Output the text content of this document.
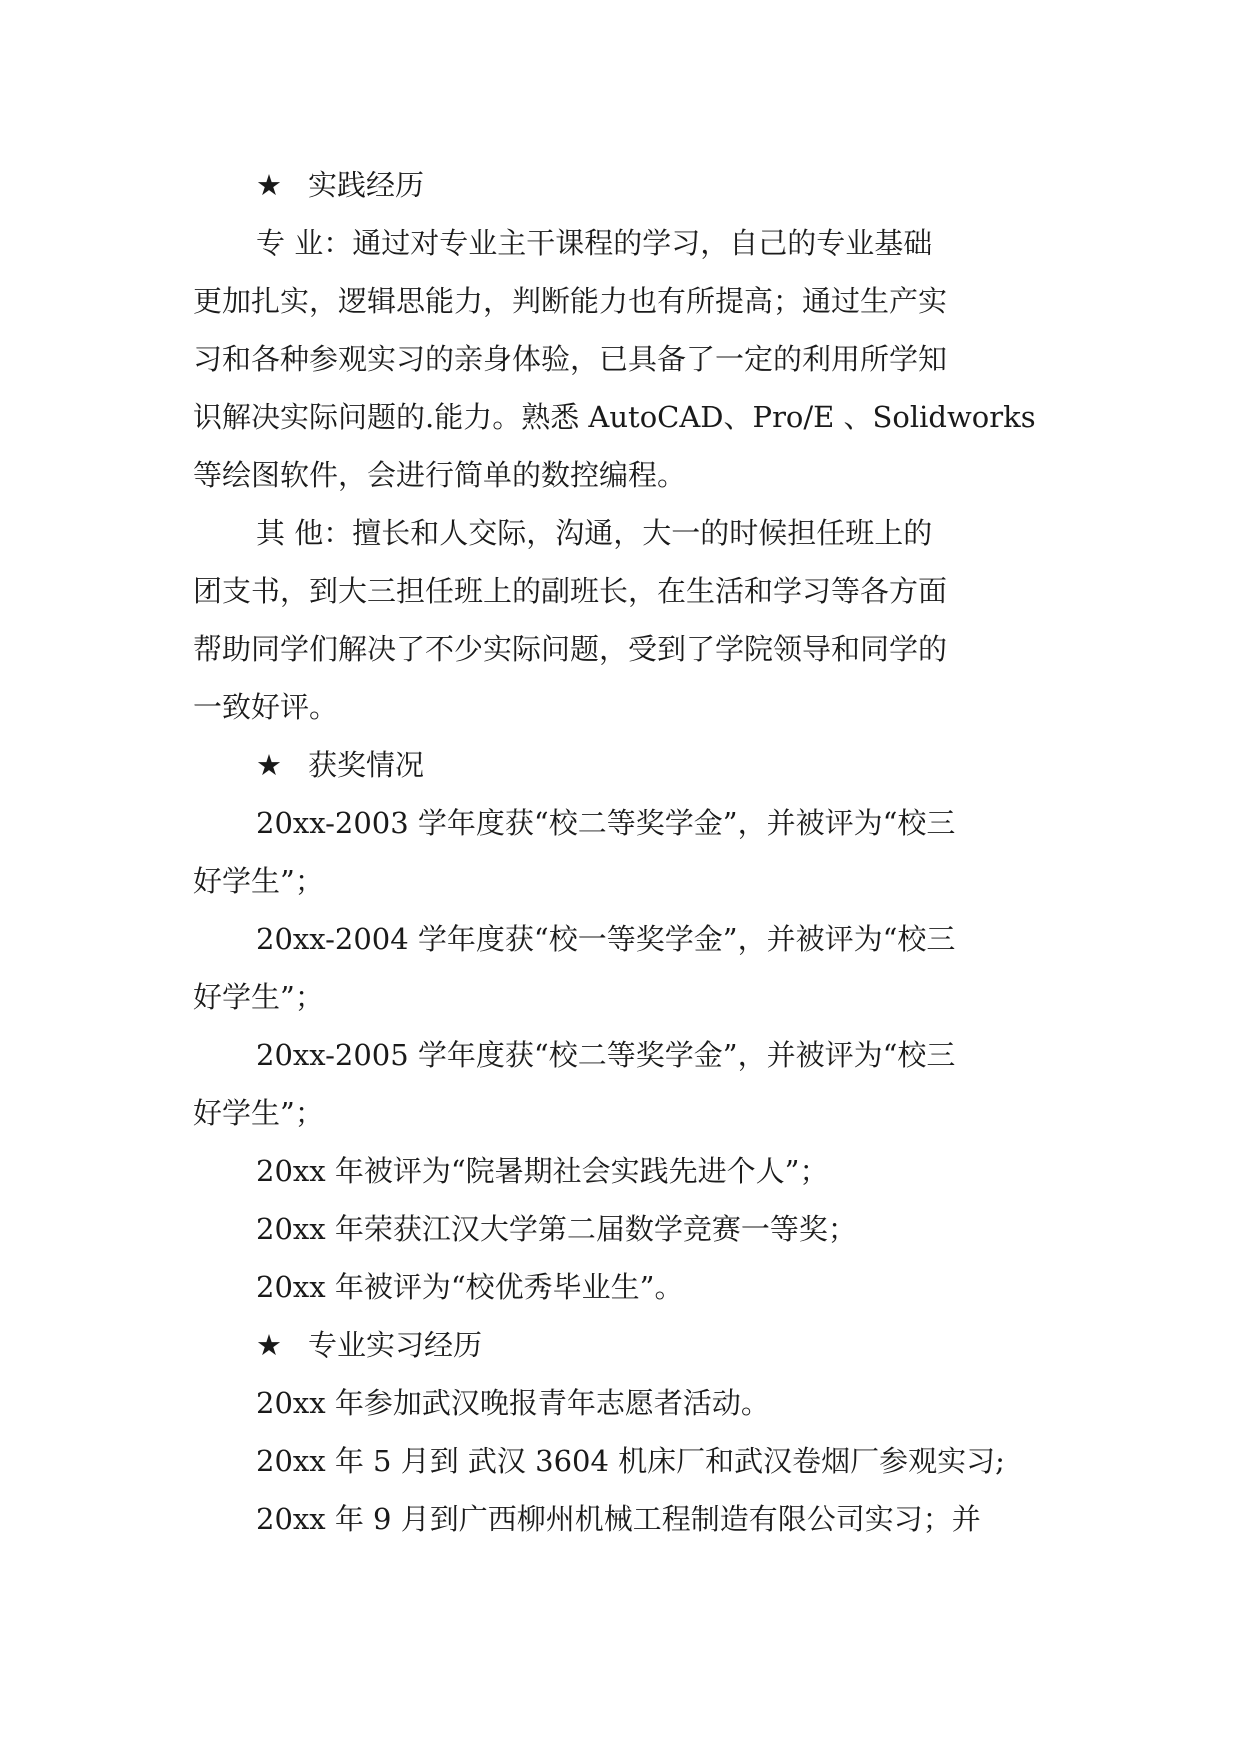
★ 实践经历
专 业：通过对专业主干课程的学习，自己的专业基础
更加扎实，逻辑思能力，判断能力也有所提高；通过生产实
习和各种参观实习的亲身体验，已具备了一定的利用所学知
识解决实际问题的.能力。熟悉 AutoCAD、Pro/E 、Solidworks
等绘图软件，会进行简单的数控编程。
其 他：擅长和人交际，沟通，大一的时候担任班上的
团支书，到大三担任班上的副班长，在生活和学习等各方面
帮助同学们解决了不少实际问题，受到了学院领导和同学的
一致好评。
★ 获奖情况
20xx-2003 学年度获“校二等奖学金”，并被评为“校三
好学生”；
20xx-2004 学年度获“校一等奖学金”，并被评为“校三
好学生”；
20xx-2005 学年度获“校二等奖学金”，并被评为“校三
好学生”；
20xx 年被评为“院暑期社会实践先进个人”；
20xx 年荣获江汉大学第二届数学竞赛一等奖；
20xx 年被评为“校优秀毕业生”。
★ 专业实习经历
20xx 年参加武汉晚报青年志愿者活动。
20xx 年 5 月到 武汉 3604 机床厂和武汉卷烟厂参观实习;
20xx 年 9 月到广西柳州机械工程制造有限公司实习；并
